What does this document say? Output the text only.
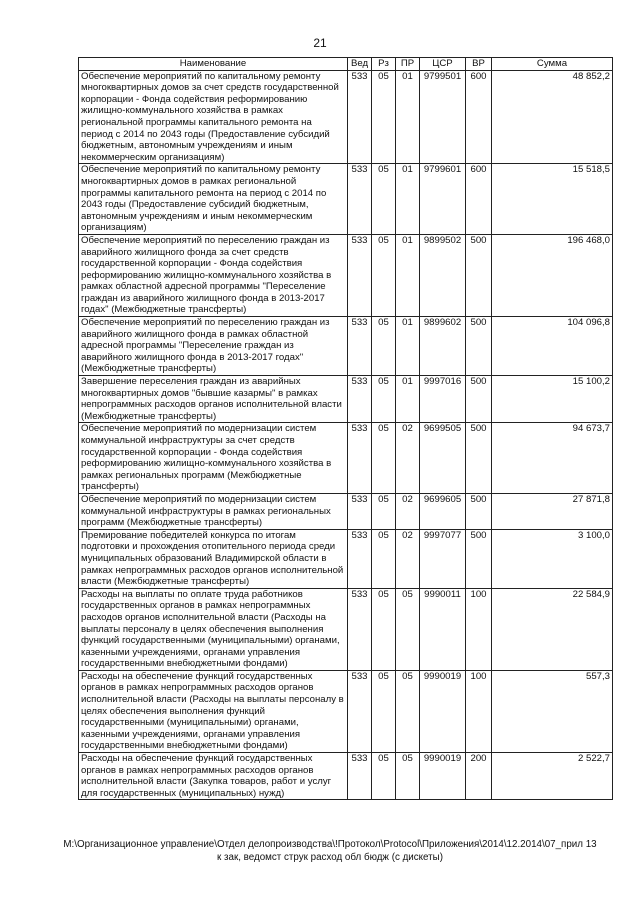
21
Наименование	Вед	Рз	ПР	ЦСР	ВР	Сумма
Обеспечение мероприятий по капитальному ремонту многоквартирных домов за счет средств государственной корпорации - Фонда содействия реформированию жилищно-коммунального хозяйства в рамках региональной программы капитального ремонта на период с 2014 по 2043 годы (Предоставление субсидий бюджетным, автономным учреждениям и иным некоммерческим организациям)	533	05	01	9799501	600	48 852,2
Обеспечение мероприятий по капитальному ремонту многоквартирных домов в рамках региональной программы капитального ремонта на период с 2014 по 2043 годы (Предоставление субсидий бюджетным, автономным учреждениям и иным некоммерческим организациям)	533	05	01	9799601	600	15 518,5
Обеспечение мероприятий по переселению граждан из аварийного жилищного фонда за счет средств государственной корпорации - Фонда содействия реформированию жилищно-коммунального хозяйства в рамках областной адресной программы "Переселение граждан из аварийного жилищного фонда в 2013-2017 годах" (Межбюджетные трансферты)	533	05	01	9899502	500	196 468,0
Обеспечение мероприятий по переселению граждан из аварийного жилищного фонда в рамках областной адресной программы "Переселение граждан из аварийного жилищного фонда в 2013-2017 годах" (Межбюджетные трансферты)	533	05	01	9899602	500	104 096,8
Завершение переселения граждан из аварийных многоквартирных домов "бывшие казармы" в рамках непрограммных расходов органов исполнительной власти (Межбюджетные трансферты)	533	05	01	9997016	500	15 100,2
Обеспечение мероприятий по модернизации систем коммунальной инфраструктуры за счет средств государственной корпорации - Фонда содействия реформированию жилищно-коммунального хозяйства в рамках региональных программ (Межбюджетные трансферты)	533	05	02	9699505	500	94 673,7
Обеспечение мероприятий по модернизации систем коммунальной инфраструктуры в рамках региональных программ (Межбюджетные трансферты)	533	05	02	9699605	500	27 871,8
Премирование победителей конкурса по итогам подготовки и прохождения отопительного периода среди муниципальных образований Владимирской области в рамках непрограммных расходов органов исполнительной власти (Межбюджетные трансферты)	533	05	02	9997077	500	3 100,0
Расходы на выплаты по оплате труда работников государственных органов в рамках непрограммных расходов органов исполнительной власти (Расходы на выплаты персоналу в целях обеспечения выполнения функций государственными (муниципальными) органами, казенными учреждениями, органами управления государственными внебюджетными фондами)	533	05	05	9990011	100	22 584,9
Расходы на обеспечение функций государственных органов в рамках непрограммных расходов органов исполнительной власти (Расходы на выплаты персоналу в целях обеспечения выполнения функций государственными (муниципальными) органами, казенными учреждениями, органами управления государственными внебюджетными фондами)	533	05	05	9990019	100	557,3
Расходы на обеспечение функций государственных органов в рамках непрограммных расходов органов исполнительной власти (Закупка товаров, работ и услуг для государственных (муниципальных) нужд)	533	05	05	9990019	200	2 522,7
M:\Организационное управление\Отдел делопроизводства\!Протокол\Protocol\Приложения\2014\12.2014\07_прил 13
к зак, ведомст струк расход обл бюдж (с дискеты)
